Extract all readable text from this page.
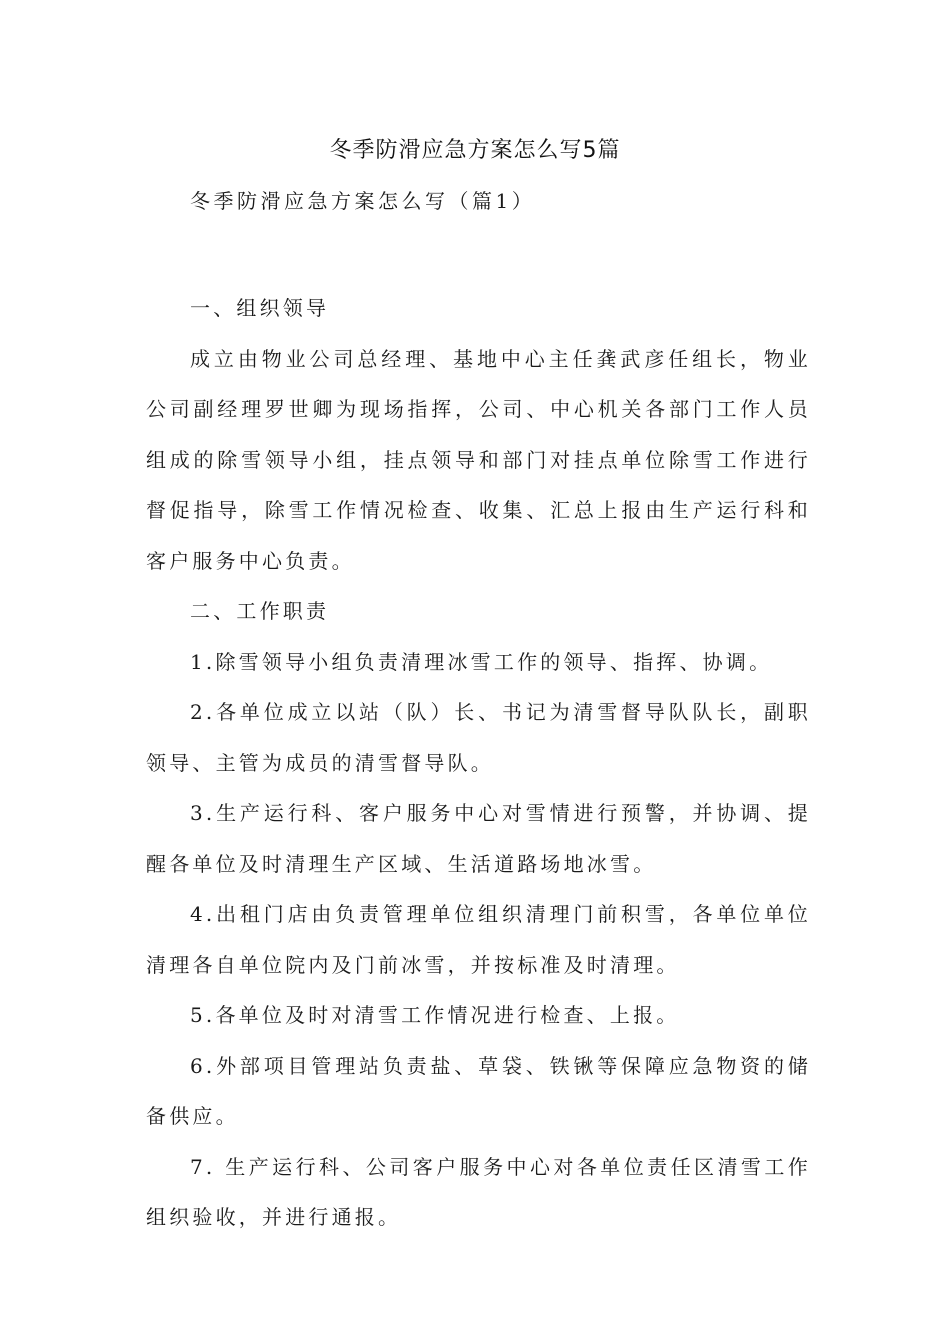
冬季防滑应急方案怎么写5篇
冬季防滑应急方案怎么写（篇1）

一、组织领导

成立由物业公司总经理、基地中心主任龚武彦任组长，物业公司副经理罗世卿为现场指挥，公司、中心机关各部门工作人员组成的除雪领导小组，挂点领导和部门对挂点单位除雪工作进行督促指导，除雪工作情况检查、收集、汇总上报由生产运行科和客户服务中心负责。

二、工作职责

1.除雪领导小组负责清理冰雪工作的领导、指挥、协调。

2.各单位成立以站（队）长、书记为清雪督导队队长，副职领导、主管为成员的清雪督导队。

3.生产运行科、客户服务中心对雪情进行预警，并协调、提醒各单位及时清理生产区域、生活道路场地冰雪。

4.出租门店由负责管理单位组织清理门前积雪，各单位单位清理各自单位院内及门前冰雪，并按标准及时清理。

5.各单位及时对清雪工作情况进行检查、上报。

6.外部项目管理站负责盐、草袋、铁锹等保障应急物资的储备供应。

7. 生产运行科、公司客户服务中心对各单位责任区清雪工作组织验收，并进行通报。
